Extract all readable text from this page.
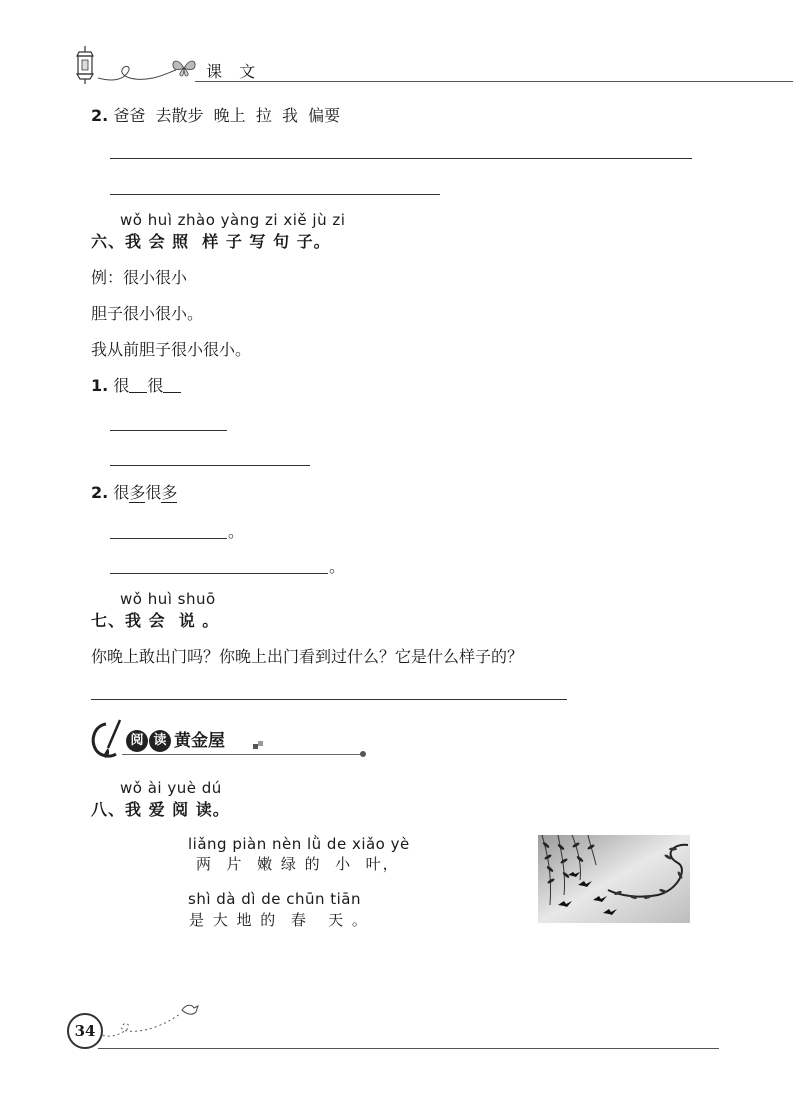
课 文
2. 爸爸  去散步  晚上  拉  我  偏要
wǒ huì zhào yàng zi xiě jù zi
六、我 会 照  样 子 写 句 子。
例：很小很小
胆子很小很小。
我从前胆子很小很小。
1. 很 很
2. 很多很多
。
。
wǒ huì shuō
七、我 会  说 。
你晚上敢出门吗？你晚上出门看到过什么？它是什么样子的？
阅 读 黄金屋
wǒ ài yuè dú
八、我 爱 阅 读。
liǎng piàn nèn lǜ de xiǎo yè
两  片  嫩 绿 的  小  叶，
shì dà dì de chūn tiān
是 大 地 的  春   天 。
34
